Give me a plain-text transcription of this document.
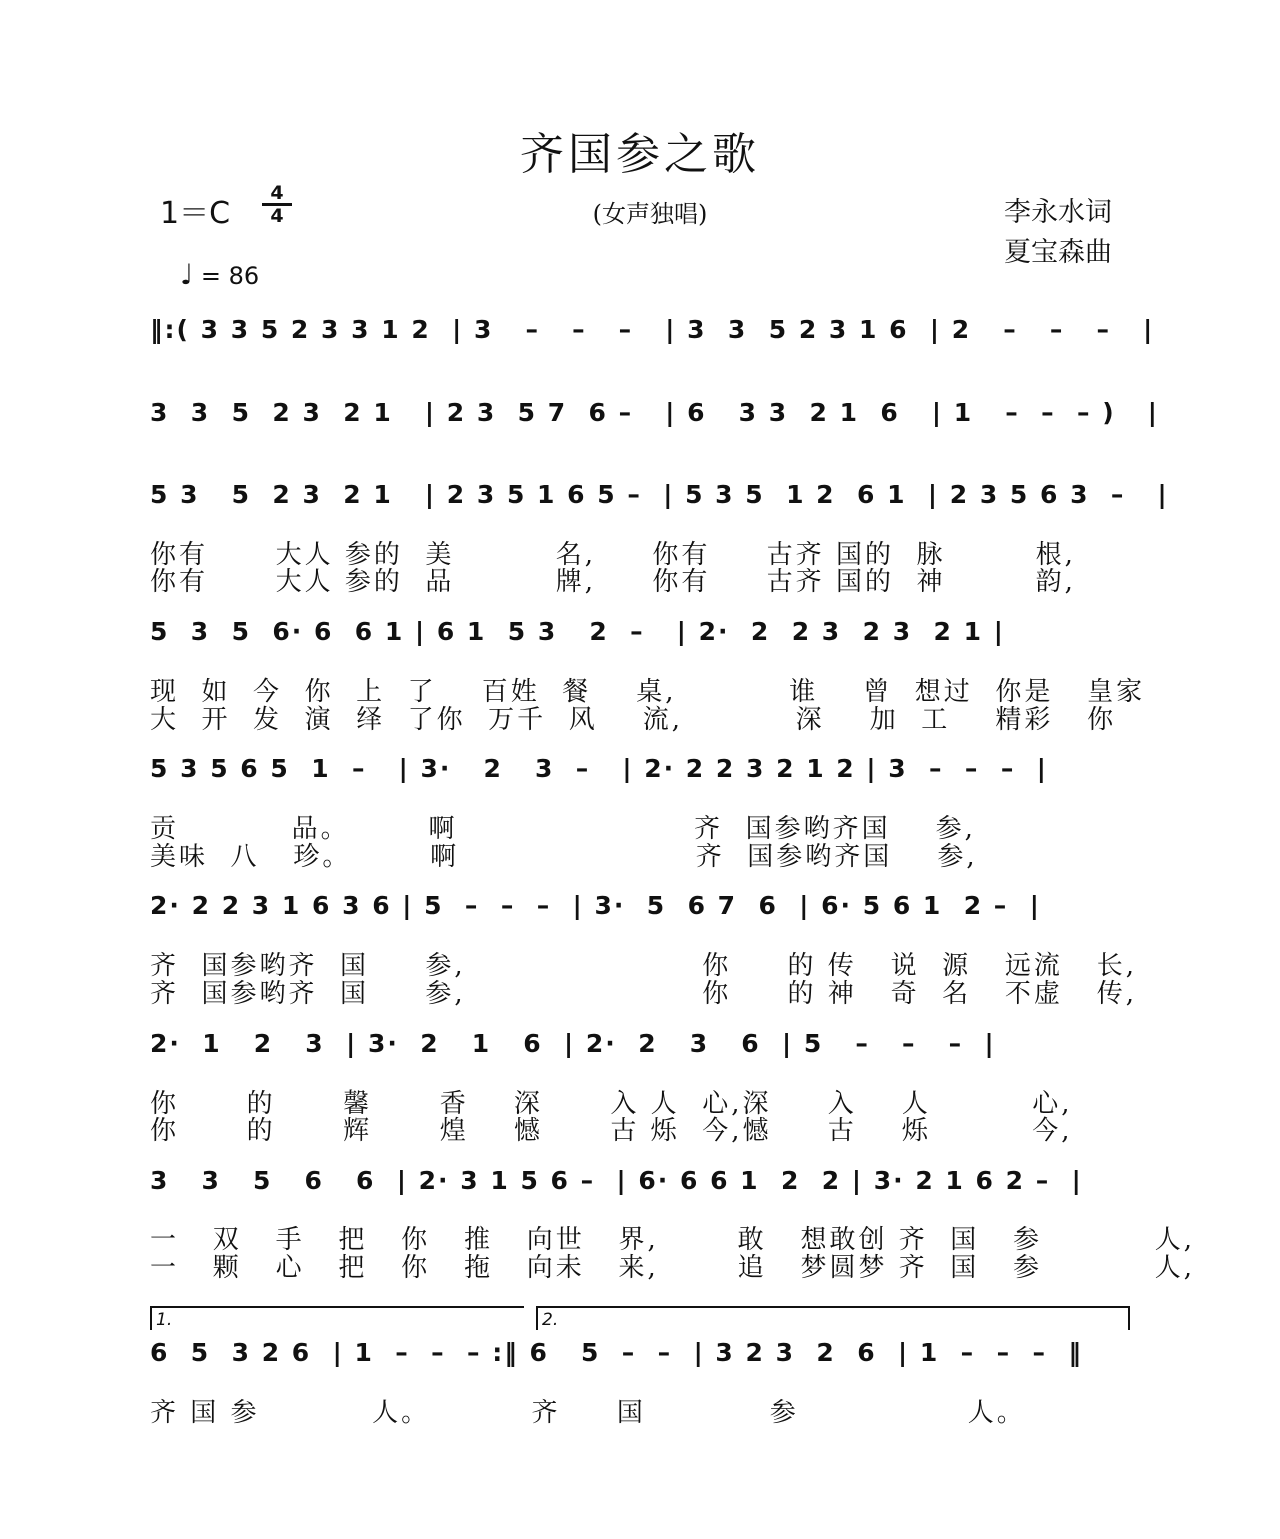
齐国参之歌
1＝C
4
4	(女声独唱)	李永水词
夏宝森曲
♩ = 86
‖:( 3 3 5 2 3 3 1 2  | 3   –   –   –   | 3  3  5 2 3 1 6  | 2   –   –   –   |
3  3  5  2 3  2 1   | 2 3  5 7  6 –   | 6   3 3  2 1  6   | 1   –  –  – )   |
5 3   5  2 3  2 1   | 2 3 5 1 6 5 –  | 5 3 5  1 2  6 1  | 2 3 5 6 3  –   |
你有      大人 参的  美         名,     你有     古齐 国的  脉        根,
你有      大人 参的  品         牌,     你有     古齐 国的  神        韵,
5  3  5  6· 6  6 1 | 6 1  5 3   2  –   | 2·  2  2 3  2 3  2 1 |
现  如  今  你  上  了    百姓  餐    桌,          谁    曾  想过  你是   皇家
大  开  发  演  绎  了你  万千  风    流,          深    加  工    精彩   你
5 3 5 6 5  1  –   | 3·   2   3  –   | 2· 2 2 3 2 1 2 | 3  –  –  –  |
贡          品。       啊                     齐  国参哟齐国    参,
美味  八   珍。       啊                     齐  国参哟齐国    参,
2· 2 2 3 1 6 3 6 | 5  –  –  –  | 3·  5  6 7  6  | 6· 5 6 1  2 –  |
齐  国参哟齐  国     参,                     你     的 传   说  源   远流   长,
齐  国参哟齐  国     参,                     你     的 神   奇  名   不虚   传,
2·  1   2   3  | 3·  2   1   6  | 2·  2   3   6  | 5   –   –   –  |
你      的      馨      香    深      入 人  心,深     入    人         心,
你      的      辉      煌    憾      古 烁  今,憾     古    烁         今,
3   3   5   6   6  | 2· 3 1 5 6 –  | 6· 6 6 1  2  2 | 3· 2 1 6 2 –  |
一   双   手   把   你   推   向世   界,       敢   想敢创 齐  国   参          人,
一   颗   心   把   你   拖   向未   来,       追   梦圆梦 齐  国   参          人,
1.	2.
6  5  3 2 6  | 1  –  –  – :‖ 6   5  –  –  | 3 2 3  2  6  | 1  –  –  –  ‖
齐 国 参          人。         齐     国           参               人。
